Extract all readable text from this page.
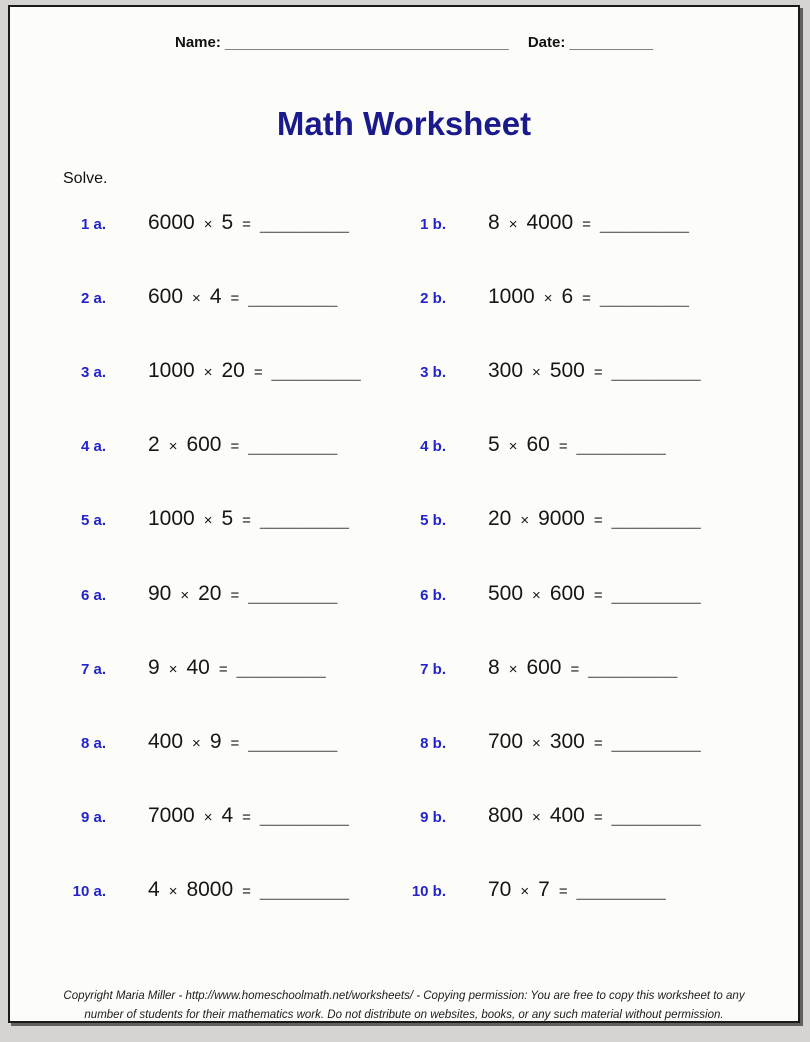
Name: __________________________________ Date: __________
Math Worksheet
Solve.
1 a. 6000 × 5 = ________	1 b. 8 × 4000 = ________
2 a. 600 × 4 = ________	2 b. 1000 × 6 = ________
3 a. 1000 × 20 = ________	3 b. 300 × 500 = ________
4 a. 2 × 600 = ________	4 b. 5 × 60 = ________
5 a. 1000 × 5 = ________	5 b. 20 × 9000 = ________
6 a. 90 × 20 = ________	6 b. 500 × 600 = ________
7 a. 9 × 40 = ________	7 b. 8 × 600 = ________
8 a. 400 × 9 = ________	8 b. 700 × 300 = ________
9 a. 7000 × 4 = ________	9 b. 800 × 400 = ________
10 a. 4 × 8000 = ________	10 b. 70 × 7 = ________
Copyright Maria Miller - http://www.homeschoolmath.net/worksheets/ - Copying permission: You are free to copy this worksheet to any
number of students for their mathematics work. Do not distribute on websites, books, or any such material without permission.
